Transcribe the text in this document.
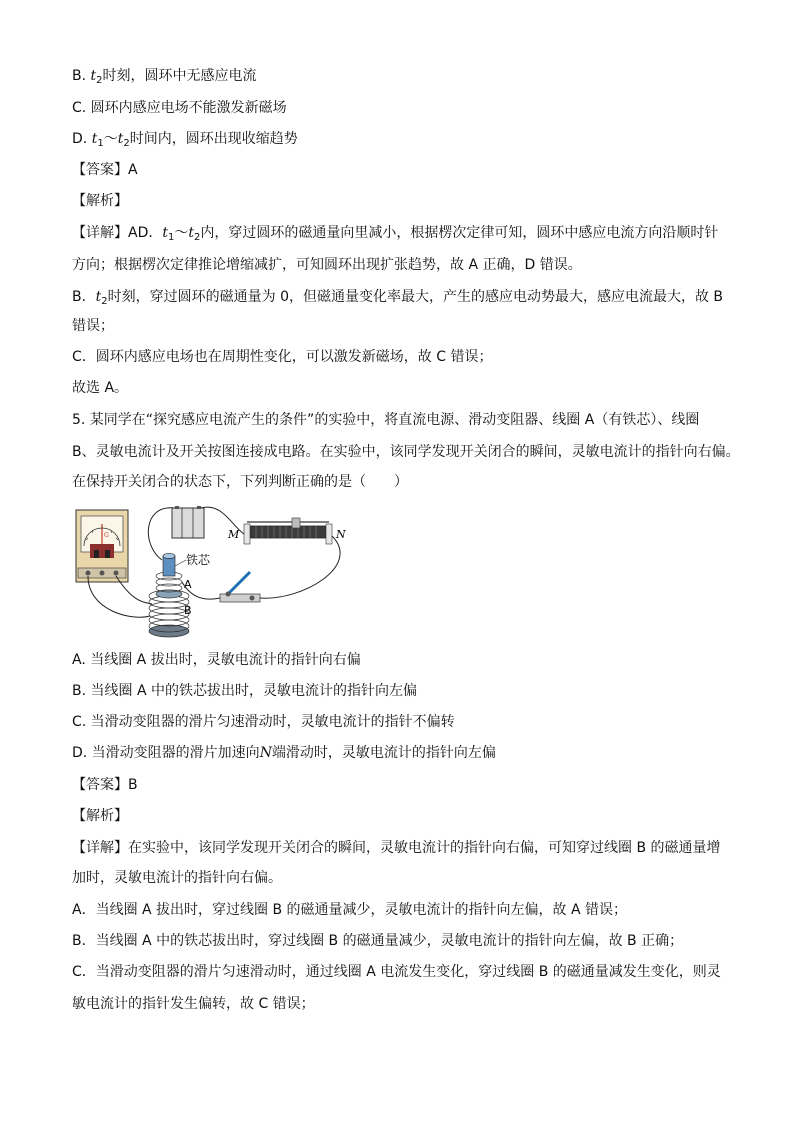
B. $t_2$时刻，圆环中无感应电流
C. 圆环内感应电场不能激发新磁场
D. $t_1\sim t_2$时间内，圆环出现收缩趋势
【答案】A
【解析】
【详解】AD．$t_1\sim t_2$内，穿过圆环的磁通量向里减小，根据楞次定律可知，圆环中感应电流方向沿顺时针
方向；根据楞次定律推论增缩减扩，可知圆环出现扩张趋势，故 A 正确，D 错误。
B．$t_2$时刻，穿过圆环的磁通量为 0，但磁通量变化率最大，产生的感应电动势最大，感应电流最大，故 B
错误；
C．圆环内感应电场也在周期性变化，可以激发新磁场，故 C 错误；
故选 A。
5. 某同学在“探究感应电流产生的条件”的实验中，将直流电源、滑动变阻器、线圈 A（有铁芯）、线圈
B、灵敏电流计及开关按图连接成电路。在实验中，该同学发现开关闭合的瞬间，灵敏电流计的指针向右偏。
在保持开关闭合的状态下，下列判断正确的是（　　）
G	M	N
铁芯
A
B
A. 当线圈 A 拔出时，灵敏电流计的指针向右偏
B. 当线圈 A 中的铁芯拔出时，灵敏电流计的指针向左偏
C. 当滑动变阻器的滑片匀速滑动时，灵敏电流计的指针不偏转
D. 当滑动变阻器的滑片加速向N端滑动时，灵敏电流计的指针向左偏
【答案】B
【解析】
【详解】在实验中，该同学发现开关闭合的瞬间，灵敏电流计的指针向右偏，可知穿过线圈 B 的磁通量增
加时，灵敏电流计的指针向右偏。
A．当线圈 A 拔出时，穿过线圈 B 的磁通量减少，灵敏电流计的指针向左偏，故 A 错误；
B．当线圈 A 中的铁芯拔出时，穿过线圈 B 的磁通量减少，灵敏电流计的指针向左偏，故 B 正确；
C．当滑动变阻器的滑片匀速滑动时，通过线圈 A 电流发生变化，穿过线圈 B 的磁通量减发生变化，则灵
敏电流计的指针发生偏转，故 C 错误；
